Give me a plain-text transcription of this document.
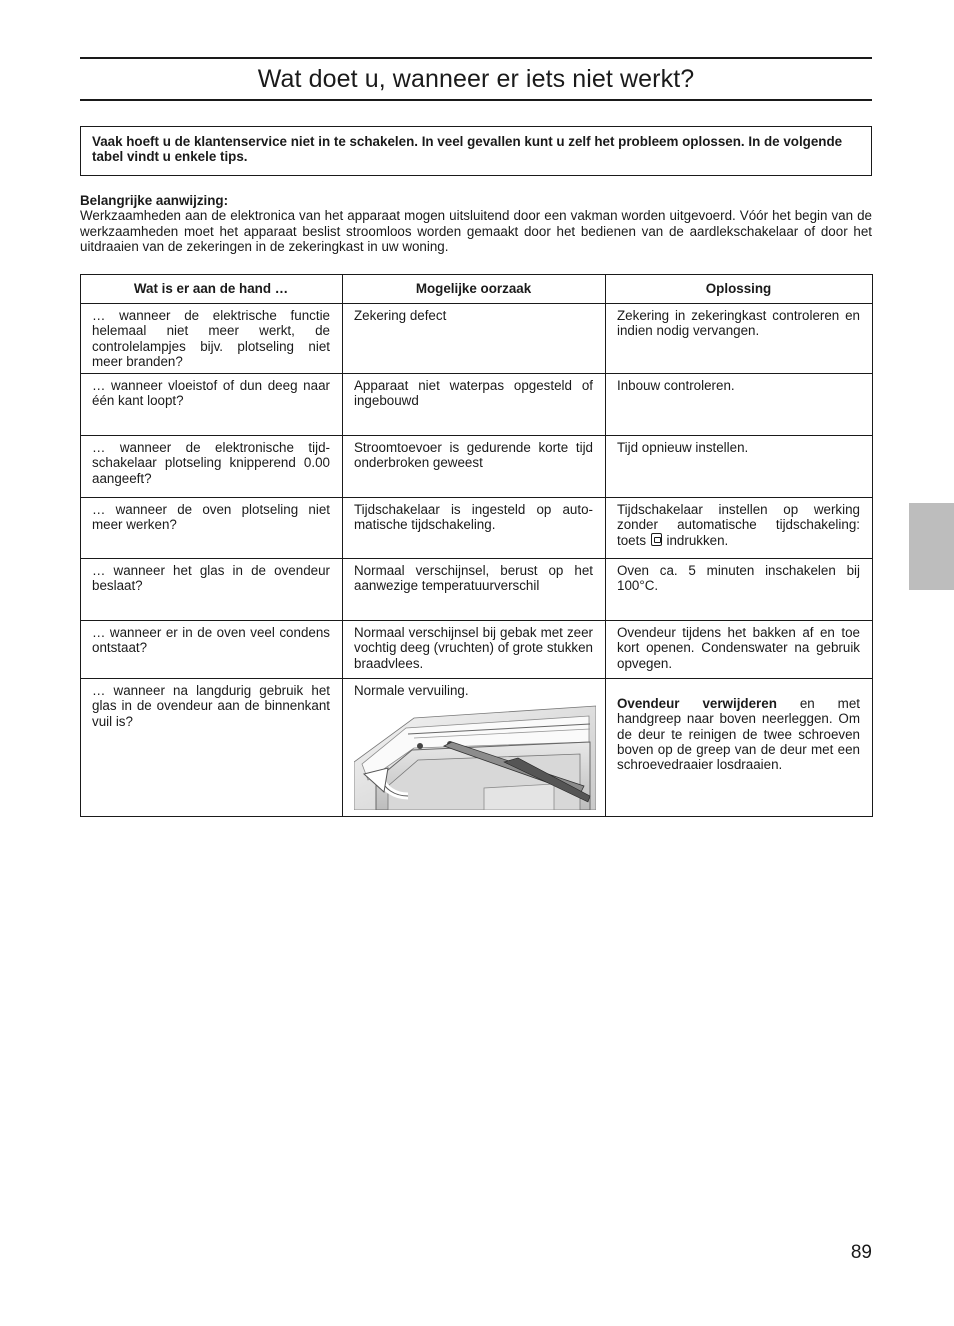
Wat doet u, wanneer er iets niet werkt?
Vaak hoeft u de klantenservice niet in te schakelen. In veel gevallen kunt u zelf het probleem oplossen. In de volgende tabel vindt u enkele tips.
Belangrijke aanwijzing:
Werkzaamheden aan de elektronica van het apparaat mogen uitsluitend door een vakman worden uitgevoerd. Vóór het begin van de werkzaamheden moet het apparaat beslist stroomloos worden gemaakt door het bedienen van de aardlekschakelaar of door het uitdraaien van de zekeringen in de zekeringkast in uw woning.
Wat is er aan de hand …	Mogelijke oorzaak	Oplossing
… wanneer de elektrische functie helemaal niet meer werkt, de controlelampjes bijv. plotseling niet meer branden?	Zekering defect	Zekering in zekeringkast controleren en indien nodig vervangen.
… wanneer vloeistof of dun deeg naar één kant loopt?	Apparaat niet waterpas opgesteld of ingebouwd	Inbouw controleren.
… wanneer de elektronische tijdschakelaar plotseling knipperend 0.00 aangeeft?	Stroomtoevoer is gedurende korte tijd onderbroken geweest	Tijd opnieuw instellen.
… wanneer de oven plotseling niet meer werken?	Tijdschakelaar is ingesteld op automatische tijdschakeling.	Tijdschakelaar instellen op werking zonder automatische tijdschakeling: toets indrukken.
… wanneer het glas in de ovendeur beslaat?	Normaal verschijnsel, berust op het aanwezige temperatuurverschil	Oven ca. 5 minuten inschakelen bij 100°C.
… wanneer er in de oven veel condens ontstaat?	Normaal verschijnsel bij gebak met zeer vochtig deeg (vruchten) of grote stukken braadvlees.	Ovendeur tijdens het bakken af en toe kort openen. Condenswater na gebruik opvegen.
… wanneer na langdurig gebruik het glas in de ovendeur aan de binnenkant vuil is?	Normale vervuiling.	Ovendeur verwijderen en met handgreep naar boven neerleggen. Om de deur te reinigen de twee schroeven boven op de greep van de deur met een schroevedraaier losdraaien.
89
